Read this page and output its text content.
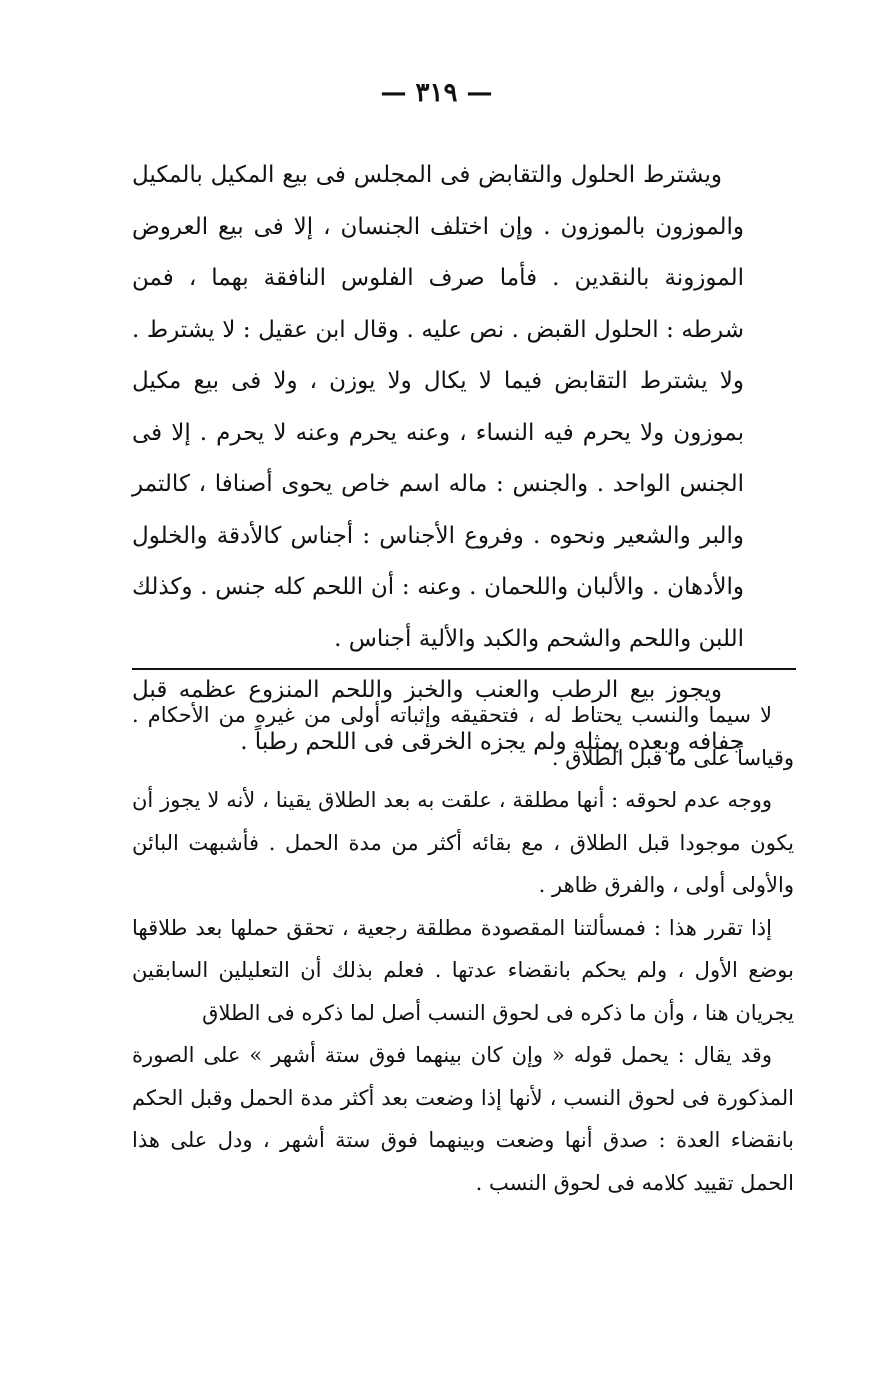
— ٣١٩ —

ويشترط الحلول والتقابض فى المجلس فى بيع المكيل بالمكيل والموزون بالموزون . وإن اختلف الجنسان ، إلا فى بيع العروض الموزونة بالنقدين . فأما صرف الفلوس النافقة بهما ، فمن شرطه : الحلول القبض . نص عليه . وقال ابن عقيل : لا يشترط . ولا يشترط التقابض فيما لا يكال ولا يوزن ، ولا فى بيع مكيل بموزون ولا يحرم فيه النساء ، وعنه يحرم وعنه لا يحرم . إلا فى الجنس الواحد . والجنس : ماله اسم خاص يحوى أصنافا ، كالتمر والبر والشعير ونحوه . وفروع الأجناس : أجناس كالأدقة والخلول والأدهان . والألبان واللحمان . وعنه : أن اللحم كله جنس . وكذلك اللبن واللحم والشحم والكبد والألية أجناس .

ويجوز بيع الرطب والعنب والخبز واللحم المنزوع عظمه قبل جفافه وبعده بمثله ولم يجزه الخرقى فى اللحم رطباً .

لا سيما والنسب يحتاط له ، فتحقيقه وإثباته أولى من غيره من الأحكام . وقياساً على ما قبل الطلاق .

ووجه عدم لحوقه : أنها مطلقة ، علقت به بعد الطلاق يقينا ، لأنه لا يجوز أن يكون موجودا قبل الطلاق ، مع بقائه أكثر من مدة الحمل . فأشبهت البائن والأولى أولى ، والفرق ظاهر .

إذا تقرر هذا : فمسألتنا المقصودة مطلقة رجعية ، تحقق حملها بعد طلاقها بوضع الأول ، ولم يحكم بانقضاء عدتها . فعلم بذلك أن التعليلين السابقين يجريان هنا ، وأن ما ذكره فى لحوق النسب أصل لما ذكره فى الطلاق

وقد يقال : يحمل قوله « وإن كان بينهما فوق ستة أشهر » على الصورة المذكورة فى لحوق النسب ، لأنها إذا وضعت بعد أكثر مدة الحمل وقبل الحكم بانقضاء العدة : صدق أنها وضعت وبينهما فوق ستة أشهر ، ودل على هذا الحمل تقييد كلامه فى لحوق النسب .
